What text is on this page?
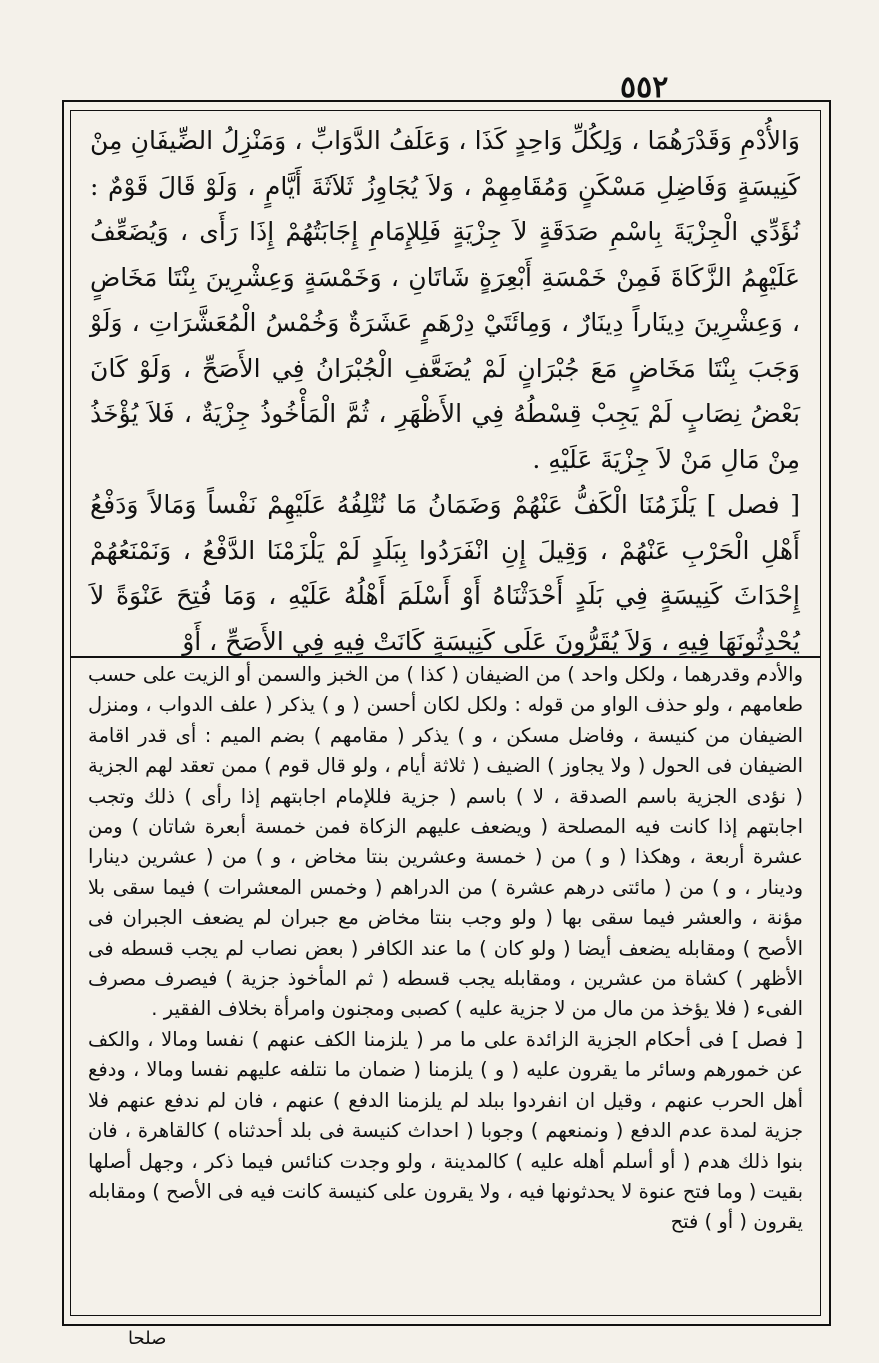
٥٥٢

وَالأُدْمِ وَقَدْرَهُمَا ، وَلِكُلِّ وَاحِدٍ كَذَا ، وَعَلَفُ الدَّوَابِّ ، وَمَنْزِلُ الضِّيفَانِ مِنْ كَنِيسَةٍ وَفَاضِلِ مَسْكَنٍ وَمُقَامِهِمْ ، وَلاَ يُجَاوِزُ ثَلاَثَةَ أَيَّامٍ ، وَلَوْ قَالَ قَوْمٌ : نُؤَدِّي الْجِزْيَةَ بِاسْمِ صَدَقَةٍ لاَ جِزْيَةٍ فَلِلإِمَامِ إِجَابَتُهُمْ إِذَا رَأَى ، وَيُضَعِّفُ عَلَيْهِمُ الزَّكَاةَ فَمِنْ خَمْسَةِ أَبْعِرَةٍ شَاتَانِ ، وَخَمْسَةٍ وَعِشْرِينَ بِنْتَا مَخَاضٍ ، وَعِشْرِينَ دِينَاراً دِينَارٌ ، وَمِائَتَيْ دِرْهَمٍ عَشَرَةٌ وَخُمْسُ الْمُعَشَّرَاتِ ، وَلَوْ وَجَبَ بِنْتَا مَخَاضٍ مَعَ جُبْرَانٍ لَمْ يُضَعَّفِ الْجُبْرَانُ فِي الأَصَحِّ ، وَلَوْ كَانَ بَعْضُ نِصَابٍ لَمْ يَجِبْ قِسْطُهُ فِي الأَظْهَرِ ، ثُمَّ الْمَأْخُوذُ جِزْيَةٌ ، فَلاَ يُؤْخَذُ مِنْ مَالِ مَنْ لاَ جِزْيَةَ عَلَيْهِ .

[ فصل ] يَلْزَمُنَا الْكَفُّ عَنْهُمْ وَضَمَانُ مَا نُتْلِفُهُ عَلَيْهِمْ نَفْساً وَمَالاً وَدَفْعُ أَهْلِ الْحَرْبِ عَنْهُمْ ، وَقِيلَ إِنِ انْفَرَدُوا بِبَلَدٍ لَمْ يَلْزَمْنَا الدَّفْعُ ، وَنَمْنَعُهُمْ إِحْدَاثَ كَنِيسَةٍ فِي بَلَدٍ أَحْدَثْنَاهُ أَوْ أَسْلَمَ أَهْلُهُ عَلَيْهِ ، وَمَا فُتِحَ عَنْوَةً لاَ يُحْدِثُونَهَا فِيهِ ، وَلاَ يُقَرُّونَ عَلَى كَنِيسَةٍ كَانَتْ فِيهِ فِي الأَصَحِّ ، أَوْ

والأدم وقدرهما ، ولكل واحد ) من الضيفان ( كذا ) من الخبز والسمن أو الزيت على حسب طعامهم ، ولو حذف الواو من قوله : ولكل لكان أحسن ( و ) يذكر ( علف الدواب ، ومنزل الضيفان من كنيسة ، وفاضل مسكن ، و ) يذكر ( مقامهم ) بضم الميم : أى قدر اقامة الضيفان فى الحول ( ولا يجاوز ) الضيف ( ثلاثة أيام ، ولو قال قوم ) ممن تعقد لهم الجزية ( نؤدى الجزية باسم الصدقة ، لا ) باسم ( جزية فللإمام اجابتهم إذا رأى ) ذلك وتجب اجابتهم إذا كانت فيه المصلحة ( ويضعف عليهم الزكاة فمن خمسة أبعرة شاتان ) ومن عشرة أربعة ، وهكذا ( و ) من ( خمسة وعشرين بنتا مخاض ، و ) من ( عشرين دينارا ودينار ، و ) من ( مائتى درهم عشرة ) من الدراهم ( وخمس المعشرات ) فيما سقى بلا مؤنة ، والعشر فيما سقى بها ( ولو وجب بنتا مخاض مع جبران لم يضعف الجبران فى الأصح ) ومقابله يضعف أيضا ( ولو كان ) ما عند الكافر ( بعض نصاب لم يجب قسطه فى الأظهر ) كشاة من عشرين ، ومقابله يجب قسطه ( ثم المأخوذ جزية ) فيصرف مصرف الفىء ( فلا يؤخذ من مال من لا جزية عليه ) كصبى ومجنون وامرأة بخلاف الفقير .

[ فصل ] فى أحكام الجزية الزائدة على ما مر ( يلزمنا الكف عنهم ) نفسا ومالا ، والكف عن خمورهم وسائر ما يقرون عليه ( و ) يلزمنا ( ضمان ما نتلفه عليهم نفسا ومالا ، ودفع أهل الحرب عنهم ، وقيل ان انفردوا ببلد لم يلزمنا الدفع ) عنهم ، فان لم ندفع عنهم فلا جزية لمدة عدم الدفع ( ونمنعهم ) وجوبا ( احداث كنيسة فى بلد أحدثناه ) كالقاهرة ، فان بنوا ذلك هدم ( أو أسلم أهله عليه ) كالمدينة ، ولو وجدت كنائس فيما ذكر ، وجهل أصلها بقيت ( وما فتح عنوة لا يحدثونها فيه ، ولا يقرون على كنيسة كانت فيه فى الأصح ) ومقابله يقرون ( أو ) فتح

صلحا
